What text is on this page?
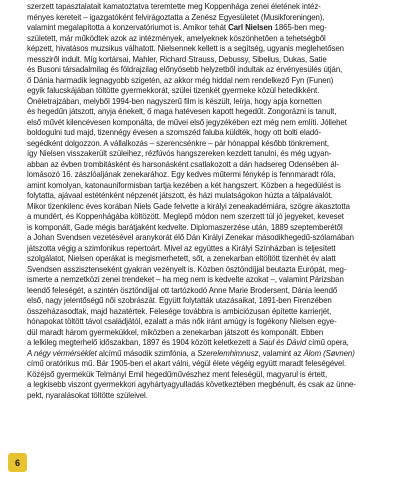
szerzett tapasztalatait kamatoztatva teremtette meg Koppenhága zenei életének intéz-
ményes kereteit – igazgatóként felvirágoztatta a Zenész Egyesületet (Musikforeningen),
valamint megalapította a konzervatóriumot is. Amikor tehát Carl Nielsen 1865-ben meg-
született, már működtek azok az intézmények, amelyeknek köszönhetően a tehetségből
képzett, hivatásos muzsikus válhatott. Nielsennek kellett is a segítség, ugyanis meglehetősen
messziről indult. Míg kortársai, Mahler, Richard Strauss, Debussy, Sibelius, Dukas, Satie
és Busoni társadalmilag és földrajzilag előnyösebb helyzetből indultak az érvényesülés útján,
ő Dánia harmadik legnagyobb szigetén, az akkor még hiddal nem rendelkező Fyn (Funen)
egyik falucskájában töltötte gyermekkorát, szülei tizenkét gyermeke közül hetedikként.
Önéletrajzában, melyből 1994-ben nagyszerű film is készült, leírja, hogy apja kornetten
és hegedűn játszott, anyja énekelt, ő maga hatévesen kapott hegedűt. Zongorázni is tanult,
első művét kilencévesen komponálta, de művei első jegyzékében ezt még nem említi. Jóllehet
boldogulni tud majd, tizennégy évesen a szomszéd faluba küldték, hogy ott bolti eladó-
segédként dolgozzon. A vállalkozás – szerencsénkre – pár hónappal később tönkrement,
így Nielsen visszakerült szüleihez, rézfúvós hangszereken kezdett tanulni, és még ugyan-
abban az évben trombitásként és harsonásként csatlakozott a dán hadsereg Odensében ál-
lomásozó 16. zászlóaljának zenekarához. Egy kedves műtermi fénykép is fennmaradt róla,
amint komolyan, katonauniformisban tartja kezében a két hangszert. Közben a hegedülést is
folytatta, ajávaal estéténként népzenét játszott, és házi mulatságokon húzta a tálpalávalót.
Mikor tizenkilenc éves korában Niels Gade felvette a királyi zeneakadémiára, szögre akasztotta
a mundért, és Koppenhágába költözött. Meglepő módon nem szerzett túl jó jegyeket, keveset
is komponált, Gade mégis barátjaként kedvelte. Diplomaszerzése után, 1889 szeptemberétől
a Johan Svendsen vezetésével aranykorát élő Dán Királyi Zenekar másodikhegedű-szólamában
játszotta végig a szimfonikus repertoárt. Mivel az együttes a Királyi Színházban is teljesített
szolgálatot, Nielsen operákat is megismerhetett, sőt, a zenekarban eltöltött tizenhét év alatt
Svendsen asszisztenseként gyakran vezényelt is. Közben ösztöndíjjal beutazta Európát, meg-
ismerte a nemzetközi zenei trendeket – ha meg nem is kedvelte azokat –, valamint Párizsban
leendő feleségét, a szintén ösztöndíjjal ott tartózkodó Anne Marie Brodersent, Dánia leendő
első, nagy jelentőségű női szobrászát. Együtt folytatták utazásaikat, 1891-ben Firenzében
összeházasodtak, majd hazatértek. Felesége továbbra is ambiciózusan építette karrierjét,
hónapokat töltött távol családjától, ezalatt a más nők iránt amúgy is fogékony Nielsen egye-
dül maradt három gyermekükkel, miközben a zenekarban játszott és komponált. Ebben
a lelkileg megterhelő időszakban, 1897 és 1904 között keletkezett a Saul és Dávid című opera,
A négy vérmérséklet alcímű második szimfónia, a Szerelemhimnusz, valamint az Álom (Søvnen)
című oratórikus mű. Bár 1905-ben el akart válni, végül élete végéig együtt maradt feleségével.
Közéjső gyermekük Telmányi Emil hegedűművészhez ment feleségül, magyarul is értett,
a legkisebb viszont gyermekkori agyhártyagyulladás következtében megbénult, és csak az ünne-
pekt, nyaralásokat töltötte szüleivel.
6
